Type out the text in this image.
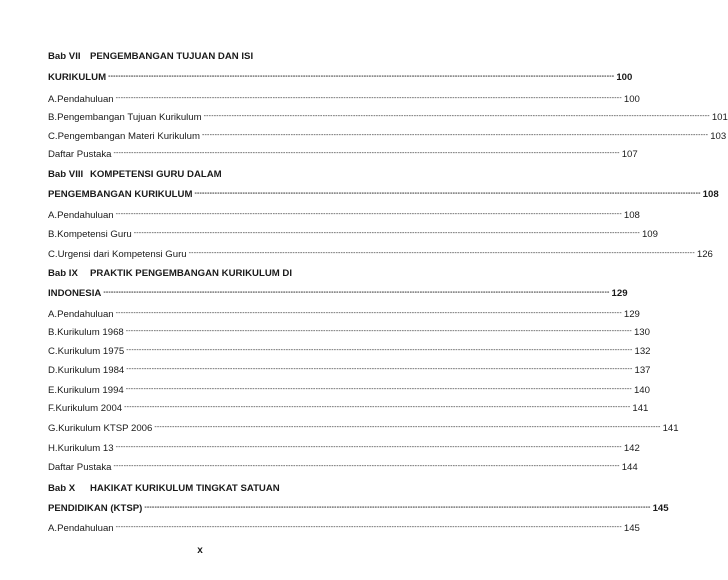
Bab VII PENGEMBANGAN TUJUAN DAN ISI
KURIKULUM -------------------------------------------------------------------------------------------------------------------------------------------------------------------------------------------------------- 100
A. Pendahuluan -------------------------------------------------------------------------------------------------------------------------------------------------------------------------------------------------------- 100
B. Pengembangan Tujuan Kurikulum -------------------------------------------------------------------------------------------------------------------------------------------------------------------------------------------------------- 101
C. Pengembangan Materi Kurikulum -------------------------------------------------------------------------------------------------------------------------------------------------------------------------------------------------------- 103
Daftar Pustaka -------------------------------------------------------------------------------------------------------------------------------------------------------------------------------------------------------- 107
Bab VIII KOMPETENSI GURU DALAM
PENGEMBANGAN KURIKULUM -------------------------------------------------------------------------------------------------------------------------------------------------------------------------------------------------------- 108
A. Pendahuluan -------------------------------------------------------------------------------------------------------------------------------------------------------------------------------------------------------- 108
B. Kompetensi Guru -------------------------------------------------------------------------------------------------------------------------------------------------------------------------------------------------------- 109
C. Urgensi dari Kompetensi Guru -------------------------------------------------------------------------------------------------------------------------------------------------------------------------------------------------------- 126
Bab IX	PRAKTIK PENGEMBANGAN KURIKULUM DI
INDONESIA -------------------------------------------------------------------------------------------------------------------------------------------------------------------------------------------------------- 129
A. Pendahuluan -------------------------------------------------------------------------------------------------------------------------------------------------------------------------------------------------------- 129
B. Kurikulum 1968 -------------------------------------------------------------------------------------------------------------------------------------------------------------------------------------------------------- 130
C. Kurikulum 1975 -------------------------------------------------------------------------------------------------------------------------------------------------------------------------------------------------------- 132
D. Kurikulum 1984 -------------------------------------------------------------------------------------------------------------------------------------------------------------------------------------------------------- 137
E. Kurikulum 1994 -------------------------------------------------------------------------------------------------------------------------------------------------------------------------------------------------------- 140
F. Kurikulum 2004 -------------------------------------------------------------------------------------------------------------------------------------------------------------------------------------------------------- 141
G. Kurikulum KTSP 2006 -------------------------------------------------------------------------------------------------------------------------------------------------------------------------------------------------------- 141
H. Kurikulum 13 -------------------------------------------------------------------------------------------------------------------------------------------------------------------------------------------------------- 142
Daftar Pustaka -------------------------------------------------------------------------------------------------------------------------------------------------------------------------------------------------------- 144
Bab X	HAKIKAT KURIKULUM TINGKAT SATUAN
PENDIDIKAN (KTSP) -------------------------------------------------------------------------------------------------------------------------------------------------------------------------------------------------------- 145
A. Pendahuluan -------------------------------------------------------------------------------------------------------------------------------------------------------------------------------------------------------- 145
x
